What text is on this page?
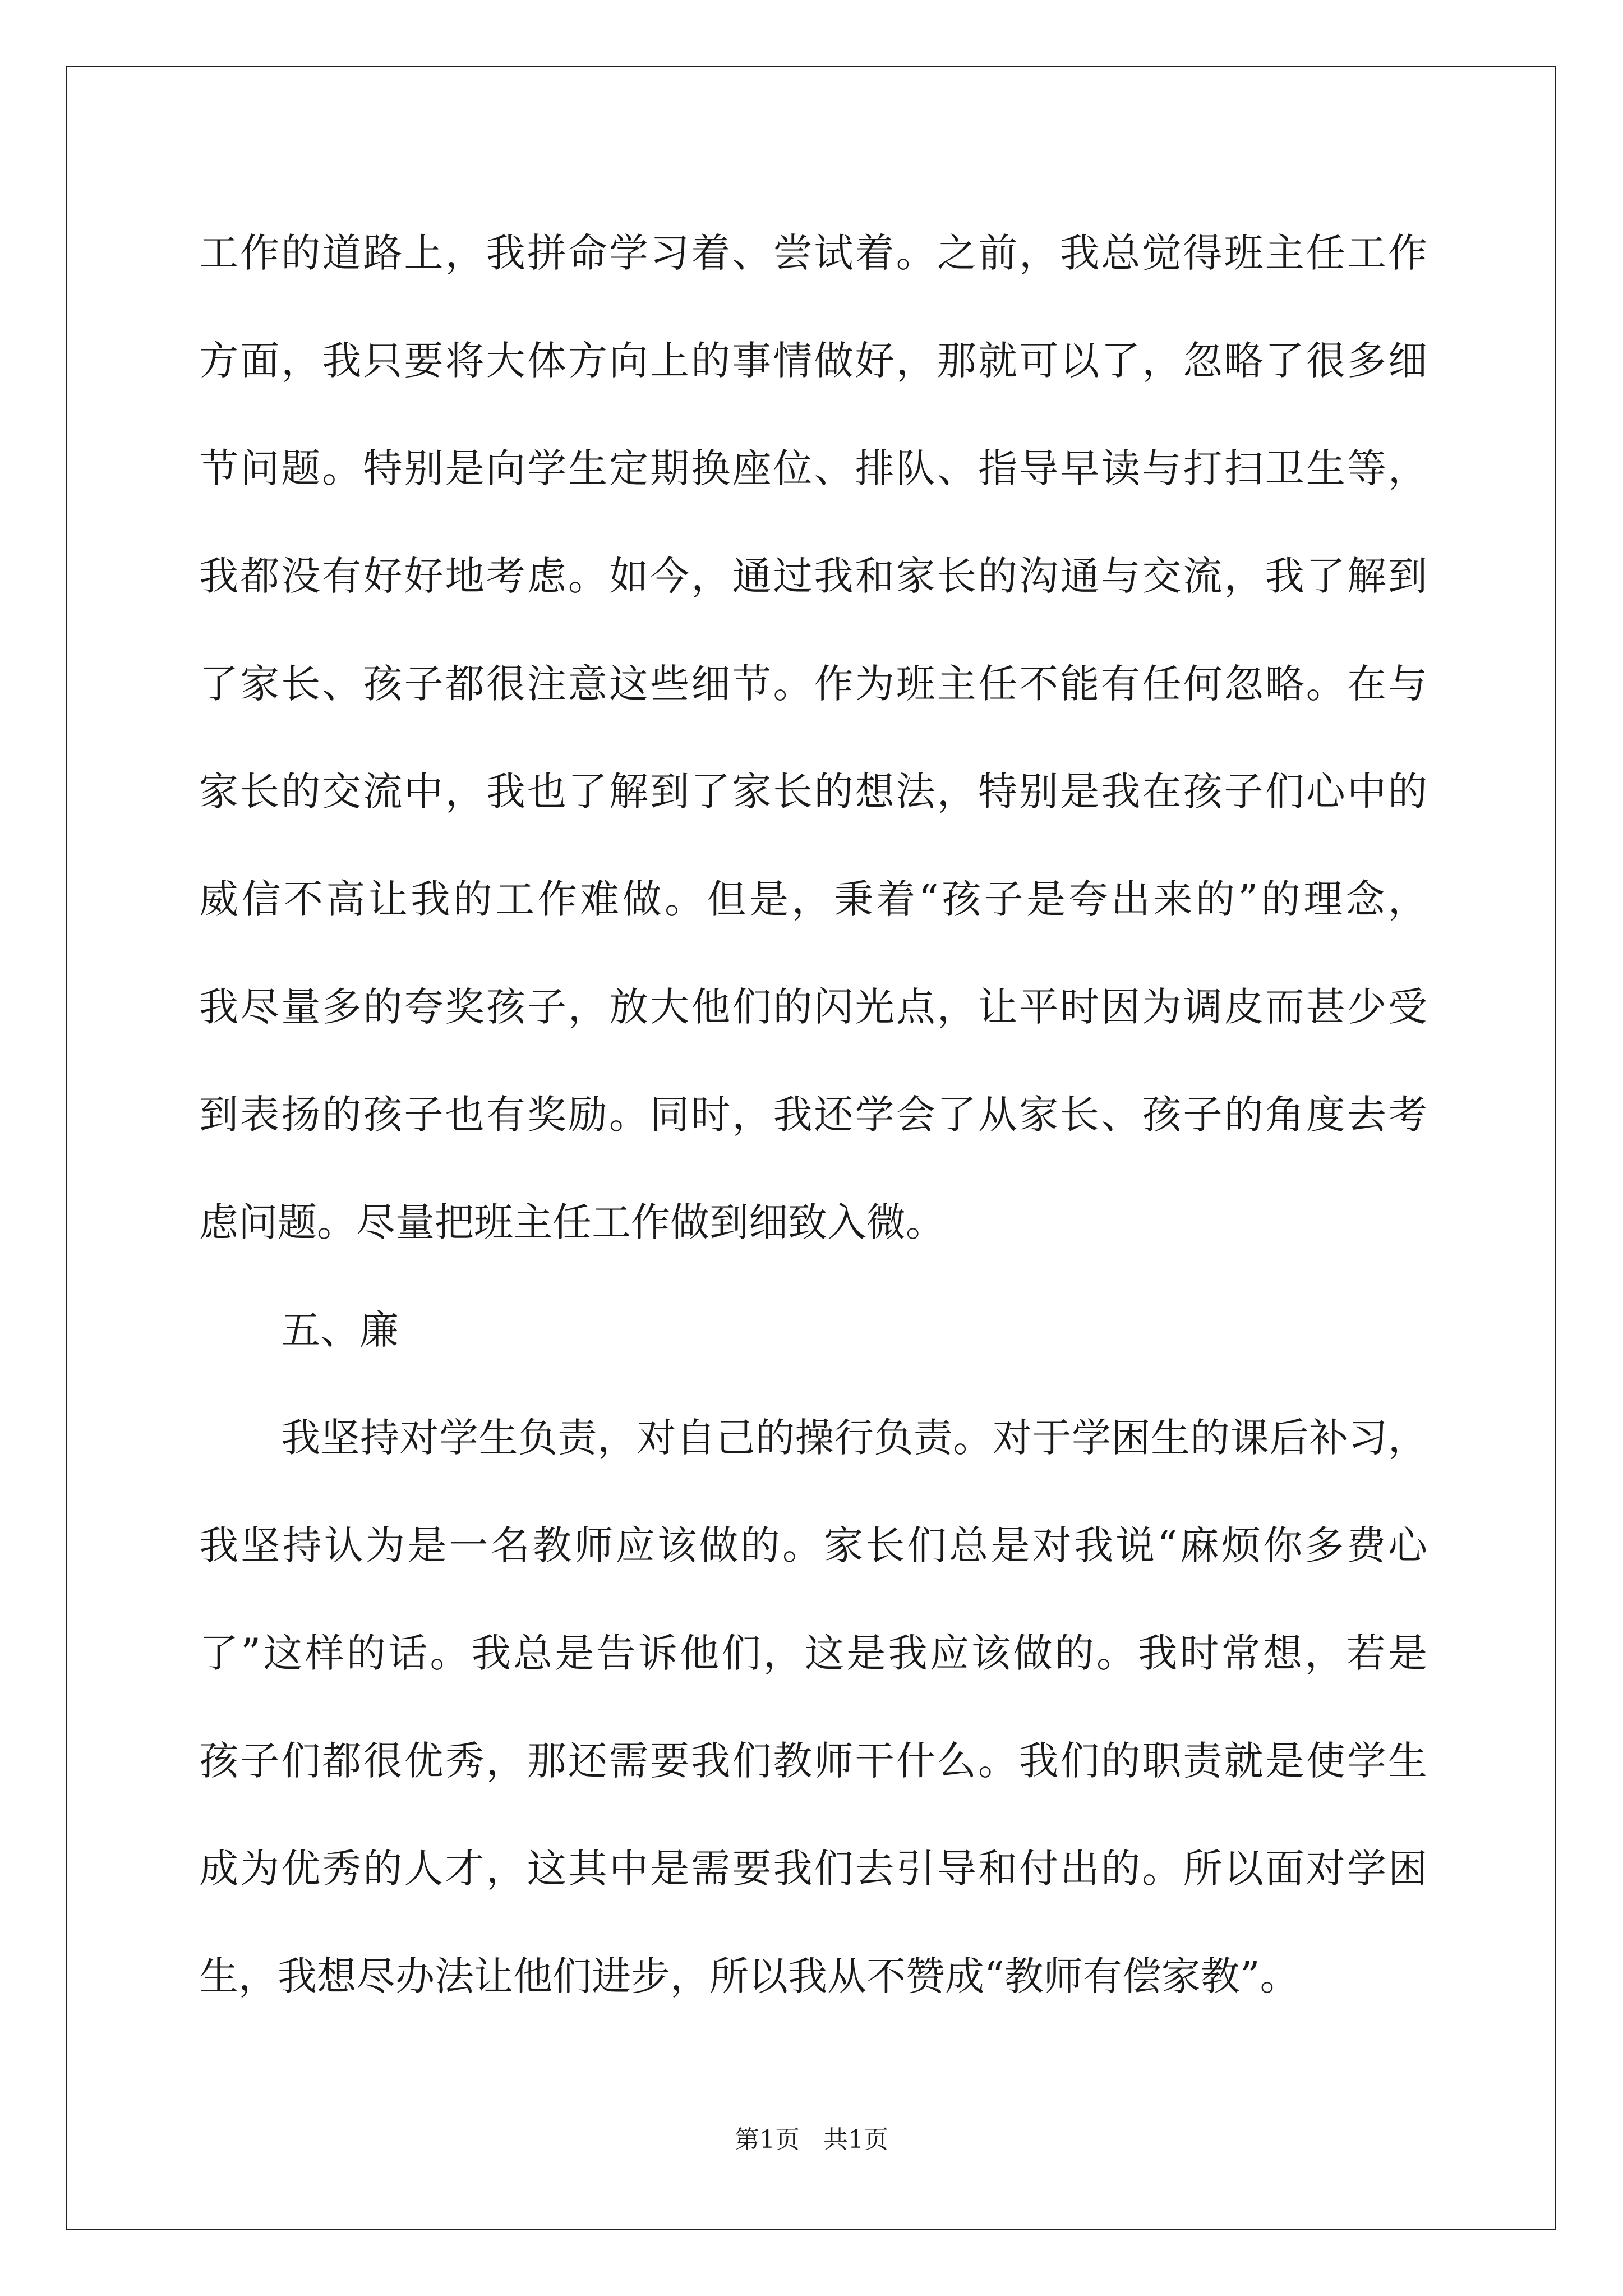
工作的道路上，我拼命学习着、尝试着。之前，我总觉得班主任工作
方面，我只要将大体方向上的事情做好，那就可以了，忽略了很多细
节问题。特别是向学生定期换座位、排队、指导早读与打扫卫生等，
我都没有好好地考虑。如今，通过我和家长的沟通与交流，我了解到
了家长、孩子都很注意这些细节。作为班主任不能有任何忽略。在与
家长的交流中，我也了解到了家长的想法，特别是我在孩子们心中的
威信不高让我的工作难做。但是，秉着“孩子是夸出来的”的理念，
我尽量多的夸奖孩子，放大他们的闪光点，让平时因为调皮而甚少受
到表扬的孩子也有奖励。同时，我还学会了从家长、孩子的角度去考
虑问题。尽量把班主任工作做到细致入微。
五、廉
我坚持对学生负责，对自己的操行负责。对于学困生的课后补习，
我坚持认为是一名教师应该做的。家长们总是对我说“麻烦你多费心
了”这样的话。我总是告诉他们，这是我应该做的。我时常想，若是
孩子们都很优秀，那还需要我们教师干什么。我们的职责就是使学生
成为优秀的人才，这其中是需要我们去引导和付出的。所以面对学困
生，我想尽办法让他们进步，所以我从不赞成“教师有偿家教”。
第1页 共1页
